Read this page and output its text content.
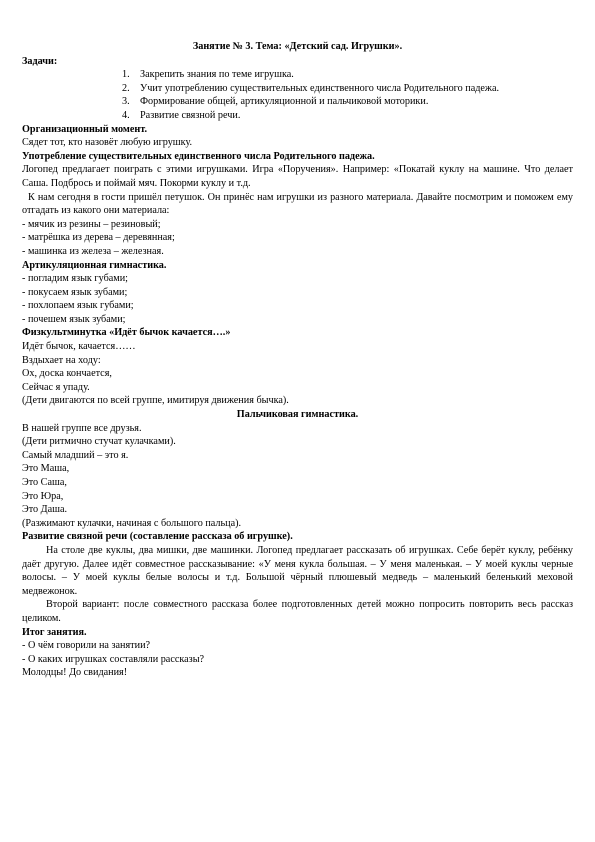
Занятие № 3. Тема: «Детский сад. Игрушки».

Задачи:

1.	Закрепить знания по теме игрушка.
2.	Учит употреблению существительных единственного числа Родительного падежа.
3.	Формирование общей, артикуляционной и пальчиковой моторики.
4.	Развитие связной речи.

Организационный момент.

Сядет тот, кто назовёт любую игрушку.

Употребление существительных единственного числа Родительного падежа.

Логопед предлагает поиграть с этими игрушками. Игра «Поручения». Например: «Покатай куклу на машине. Что делает Саша. Подбрось и поймай мяч. Покорми куклу и т.д.

К нам сегодня в гости пришёл петушок. Он принёс нам игрушки из разного материала. Давайте посмотрим и поможем ему отгадать из какого они материала:

- мячик из резины – резиновый;

- матрёшка из дерева – деревянная;

- машинка из железа – железная.

Артикуляционная гимнастика.

- погладим язык губами;

- покусаем язык зубами;

- похлопаем язык губами;

- почешем язык зубами;

Физкультминутка «Идёт бычок качается….»

Идёт бычок, качается……

Вздыхает на ходу:

Ох, доска кончается,

Сейчас я упаду.

(Дети двигаются по всей группе, имитируя движения бычка).

Пальчиковая гимнастика.

В нашей группе все друзья.

(Дети ритмично стучат кулачками).

Самый младший – это я.

Это Маша,

Это Саша,

Это Юра,

Это Даша.

(Разжимают кулачки, начиная с большого пальца).

Развитие связной речи (составление рассказа об игрушке).

На столе две куклы, два мишки, две машинки. Логопед предлагает рассказать об игрушках. Себе берёт куклу, ребёнку даёт другую. Далее идёт совместное рассказывание: «У меня кукла большая. – У меня маленькая. – У моей куклы черные волосы. – У моей куклы белые волосы и т.д. Большой чёрный плюшевый медведь – маленький беленький меховой медвежонок.

Второй вариант: после совместного рассказа более подготовленных детей можно попросить повторить весь рассказ целиком.

Итог занятия.

- О чём говорили на занятии?

- О каких игрушках составляли рассказы?

Молодцы! До свидания!
